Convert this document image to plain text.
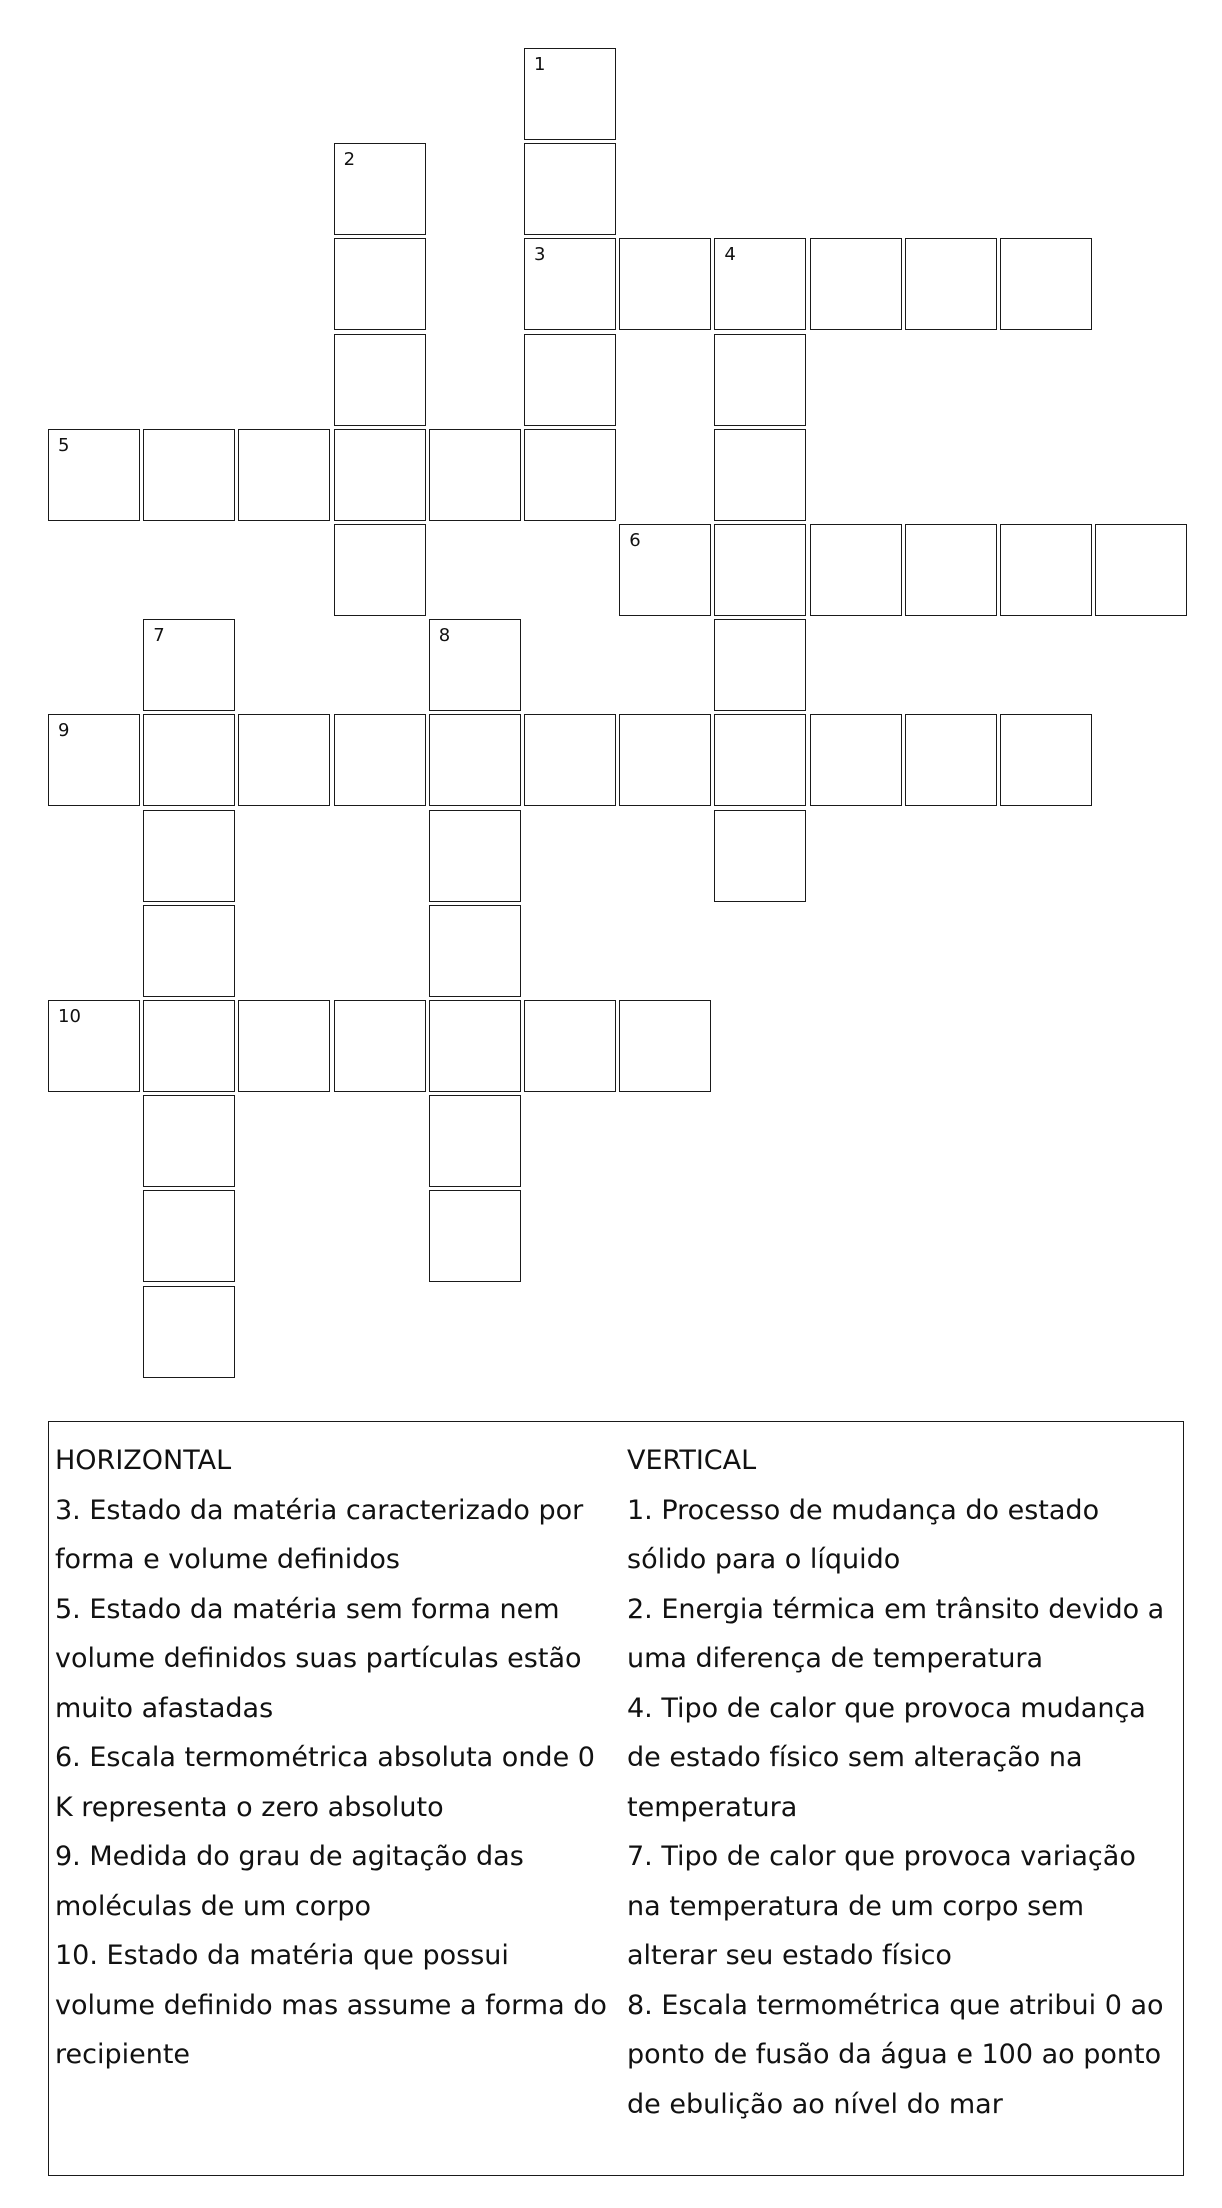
1
3
2
4
5
6
7	8
9
10
HORIZONTAL
3. Estado da matéria caracterizado por forma e volume definidos
5. Estado da matéria sem forma nem volume definidos suas partículas estão muito afastadas
6. Escala termométrica absoluta onde 0 K representa o zero absoluto
9. Medida do grau de agitação das moléculas de um corpo
10. Estado da matéria que possui volume definido mas assume a forma do recipiente
VERTICAL
1. Processo de mudança do estado sólido para o líquido
2. Energia térmica em trânsito devido a uma diferença de temperatura
4. Tipo de calor que provoca mudança de estado físico sem alteração na temperatura
7. Tipo de calor que provoca variação na temperatura de um corpo sem alterar seu estado físico
8. Escala termométrica que atribui 0 ao ponto de fusão da água e 100 ao ponto de ebulição ao nível do mar
